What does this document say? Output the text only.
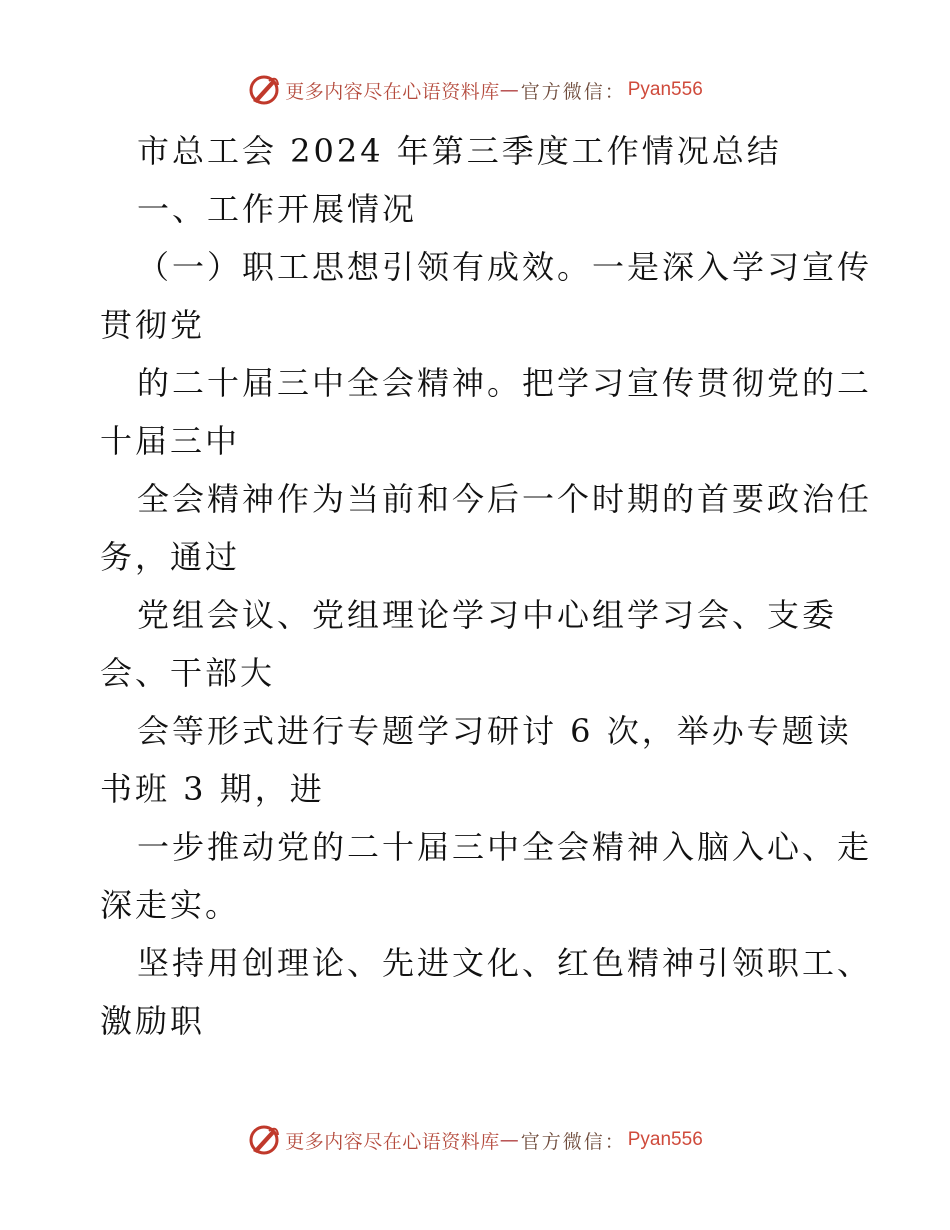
更多内容尽在心语资料库 — 官方微信： Pyan556
市总工会 2024 年第三季度工作情况总结
一、工作开展情况
（一）职工思想引领有成效。一是深入学习宣传
贯彻党
的二十届三中全会精神。把学习宣传贯彻党的二
十届三中
全会精神作为当前和今后一个时期的首要政治任
务，通过
党组会议、党组理论学习中心组学习会、支委
会、干部大
会等形式进行专题学习研讨 6 次，举办专题读
书班 3 期，进
一步推动党的二十届三中全会精神入脑入心、走
深走实。
坚持用创理论、先进文化、红色精神引领职工、
激励职
更多内容尽在心语资料库 — 官方微信： Pyan556
